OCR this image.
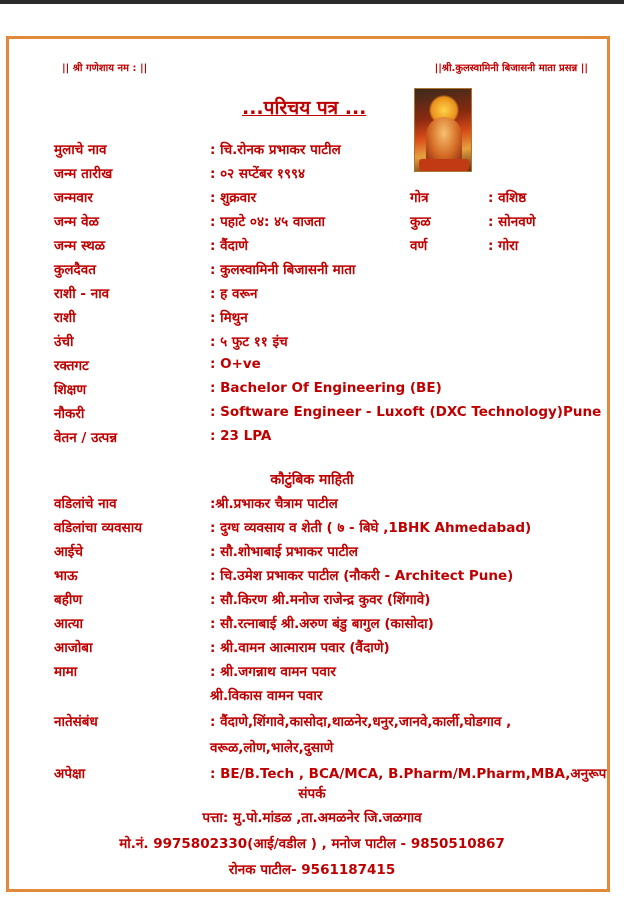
|| श्री गणेशाय नम : ||	||श्री.कुलस्वामिनी बिजासनी माता प्रसन्न ||
...परिचय पत्र ...
मुलाचे नाव	: चि.रोनक प्रभाकर पाटील
जन्म तारीख	: ०२ सप्टेंबर १९९४
जन्मवार	: शुक्रवार	गोत्र	: वशिष्ठ
जन्म वेळ	: पहाटे ०४: ४५ वाजता	कुळ	: सोनवणे
जन्म स्थळ	: वैंदाणे	वर्ण	: गोरा
कुलदैवत	: कुलस्वामिनी बिजासनी माता
राशी - नाव	: ह वरून
राशी	: मिथुन
उंची	: ५ फुट ११ इंच
रक्तगट	: O+ve
शिक्षण	: Bachelor Of Engineering (BE)
नौकरी	: Software Engineer - Luxoft (DXC Technology)Pune
वेतन / उत्पन्न	: 23 LPA
कौटुंबिक माहिती
वडिलांचे नाव	:श्री.प्रभाकर चैत्राम पाटील
वडिलांचा व्यवसाय	: दुग्ध व्यवसाय व शेती ( ७ - बिघे ,1BHK Ahmedabad)
आईचे	: सौ.शोभाबाई प्रभाकर पाटील
भाऊ	: चि.उमेश प्रभाकर पाटील (नौकरी - Architect Pune)
बहीण	: सौ.किरण श्री.मनोज राजेन्द्र कुवर (शिंगावे)
आत्या	: सौ.रत्नाबाई श्री.अरुण बंडु बागुल (कासोदा)
आजोबा	: श्री.वामन आत्माराम पवार (वैंदाणे)
मामा	: श्री.जगन्नाथ वामन पवार
श्री.विकास वामन पवार
नातेसंबंध	: वैंदाणे,शिंगावे,कासोदा,थाळनेर,धनुर,जानवे,कार्ली,घोडगाव ,
वरूळ,लोण,भालेर,दुसाणे
अपेक्षा	: BE/B.Tech , BCA/MCA, B.Pharm/M.Pharm,MBA,अनुरूप
संपर्क
पत्ता: मु.पो.मांडळ ,ता.अमळनेर जि.जळगाव
मो.नं. 9975802330(आई/वडील ) , मनोज पाटील - 9850510867
रोनक पाटील- 9561187415
